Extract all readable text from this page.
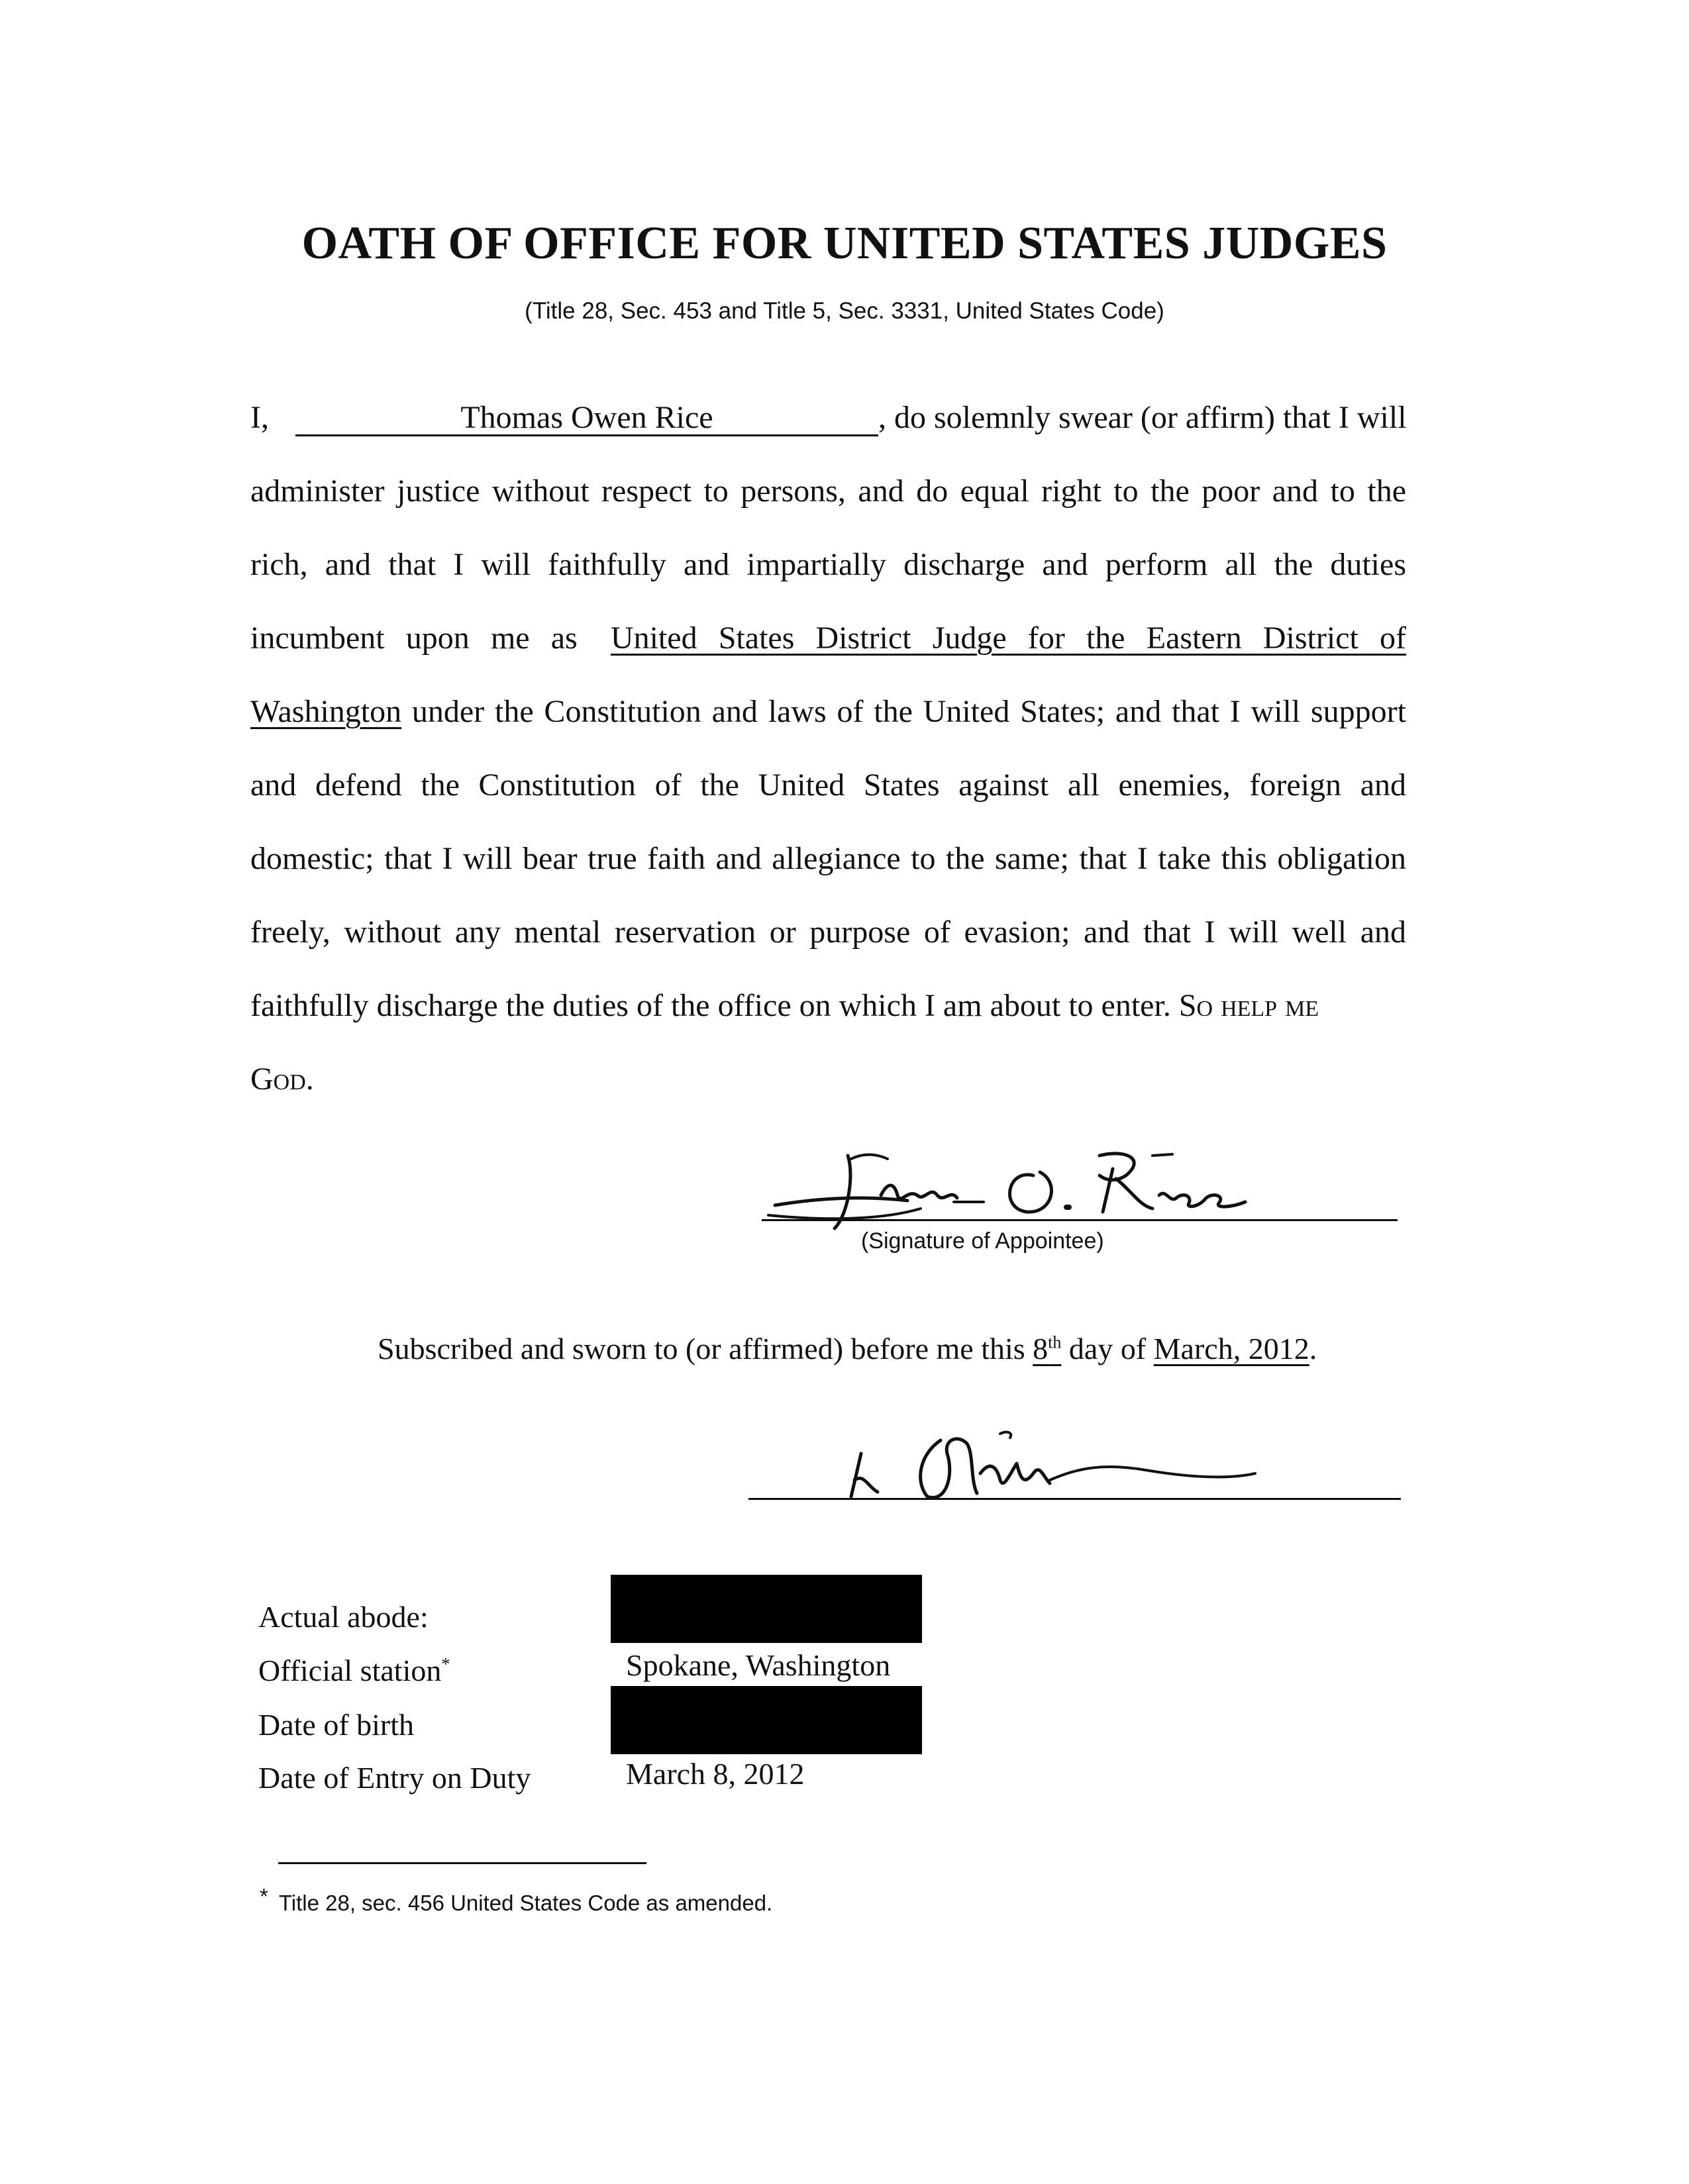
OATH OF OFFICE FOR UNITED STATES JUDGES
(Title 28, Sec. 453 and Title 5, Sec. 3331, United States Code)
I,	Thomas Owen Rice	, do solemnly swear (or affirm) that I will
administer justice without respect to persons, and do equal right to the poor and to the
rich, and that I will faithfully and impartially discharge and perform all the duties
incumbent upon me as United States District Judge for the Eastern District of
Washington under the Constitution and laws of the United States; and that I will support
and defend the Constitution of the United States against all enemies, foreign and
domestic; that I will bear true faith and allegiance to the same; that I take this obligation
freely, without any mental reservation or purpose of evasion; and that I will well and
faithfully discharge the duties of the office on which I am about to enter. So help me
God.
(Signature of Appointee)
Subscribed and sworn to (or affirmed) before me this 8th day of March, 2012.
Actual abode:
Official station*	Spokane, Washington
Date of birth
Date of Entry on Duty	March 8, 2012
* Title 28, sec. 456 United States Code as amended.
